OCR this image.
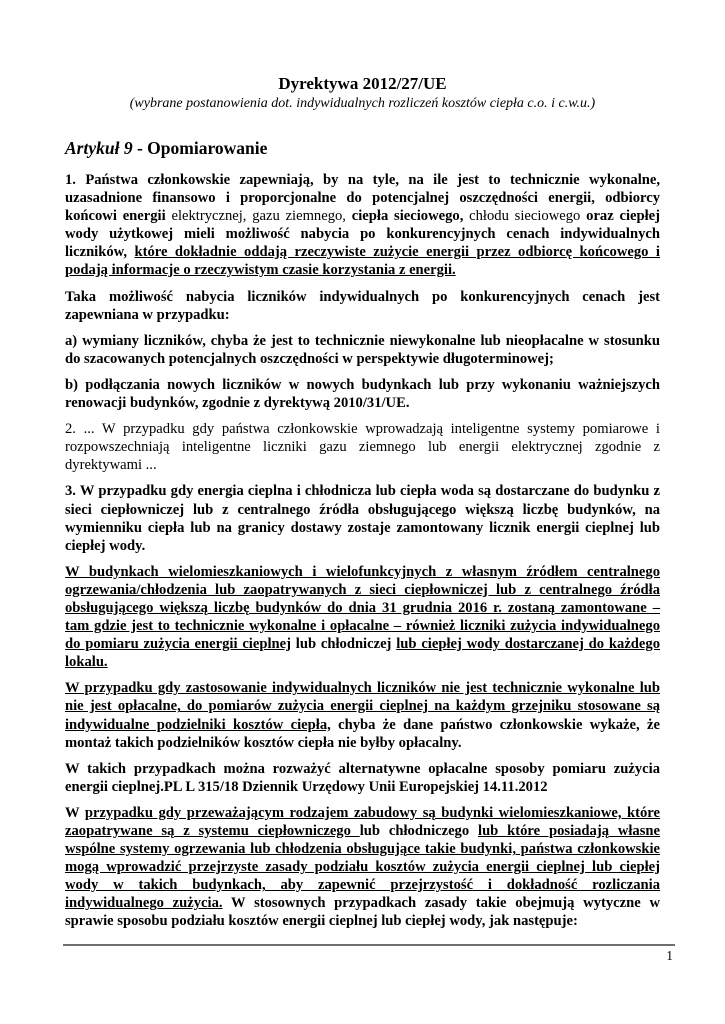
Dyrektywa 2012/27/UE

(wybrane postanowienia dot. indywidualnych rozliczeń kosztów ciepła c.o. i c.w.u.)

Artykuł 9 - Opomiarowanie

1. Państwa członkowskie zapewniają, by na tyle, na ile jest to technicznie wykonalne, uzasadnione finansowo i proporcjonalne do potencjalnej oszczędności energii, odbiorcy końcowi energii elektrycznej, gazu ziemnego, ciepła sieciowego, chłodu sieciowego oraz ciepłej wody użytkowej mieli możliwość nabycia po konkurencyjnych cenach indywidualnych liczników, które dokładnie oddają rzeczywiste zużycie energii przez odbiorcę końcowego i podają informacje o rzeczywistym czasie korzystania z energii.

Taka możliwość nabycia liczników indywidualnych po konkurencyjnych cenach jest zapewniana w przypadku:

a) wymiany liczników, chyba że jest to technicznie niewykonalne lub nieopłacalne w stosunku do szacowanych potencjalnych oszczędności w perspektywie długoterminowej;

b) podłączania nowych liczników w nowych budynkach lub przy wykonaniu ważniejszych renowacji budynków, zgodnie z dyrektywą 2010/31/UE.

2. ... W przypadku gdy państwa członkowskie wprowadzają inteligentne systemy pomiarowe i rozpowszechniają inteligentne liczniki gazu ziemnego lub energii elektrycznej zgodnie z dyrektywami ...

3. W przypadku gdy energia cieplna i chłodnicza lub ciepła woda są dostarczane do budynku z sieci ciepłowniczej lub z centralnego źródła obsługującego większą liczbę budynków, na wymienniku ciepła lub na granicy dostawy zostaje zamontowany licznik energii cieplnej lub ciepłej wody.

W budynkach wielomieszkaniowych i wielofunkcyjnych z własnym źródłem centralnego ogrzewania/chłodzenia lub zaopatrywanych z sieci ciepłowniczej lub z centralnego źródła obsługującego większą liczbę budynków do dnia 31 grudnia 2016 r. zostaną zamontowane – tam gdzie jest to technicznie wykonalne i opłacalne – również liczniki zużycia indywidualnego do pomiaru zużycia energii cieplnej lub chłodniczej lub ciepłej wody dostarczanej do każdego lokalu.

W przypadku gdy zastosowanie indywidualnych liczników nie jest technicznie wykonalne lub nie jest opłacalne, do pomiarów zużycia energii cieplnej na każdym grzejniku stosowane są indywidualne podzielniki kosztów ciepła, chyba że dane państwo członkowskie wykaże, że montaż takich podzielników kosztów ciepła nie byłby opłacalny.

W takich przypadkach można rozważyć alternatywne opłacalne sposoby pomiaru zużycia energii cieplnej.PL L 315/18 Dziennik Urzędowy Unii Europejskiej 14.11.2012

W przypadku gdy przeważającym rodzajem zabudowy są budynki wielomieszkaniowe, które zaopatrywane są z systemu ciepłowniczego lub chłodniczego lub które posiadają własne wspólne systemy ogrzewania lub chłodzenia obsługujące takie budynki, państwa członkowskie mogą wprowadzić przejrzyste zasady podziału kosztów zużycia energii cieplnej lub ciepłej wody w takich budynkach, aby zapewnić przejrzystość i dokładność rozliczania indywidualnego zużycia. W stosownych przypadkach zasady takie obejmują wytyczne w sprawie sposobu podziału kosztów energii cieplnej lub ciepłej wody, jak następuje:

1
